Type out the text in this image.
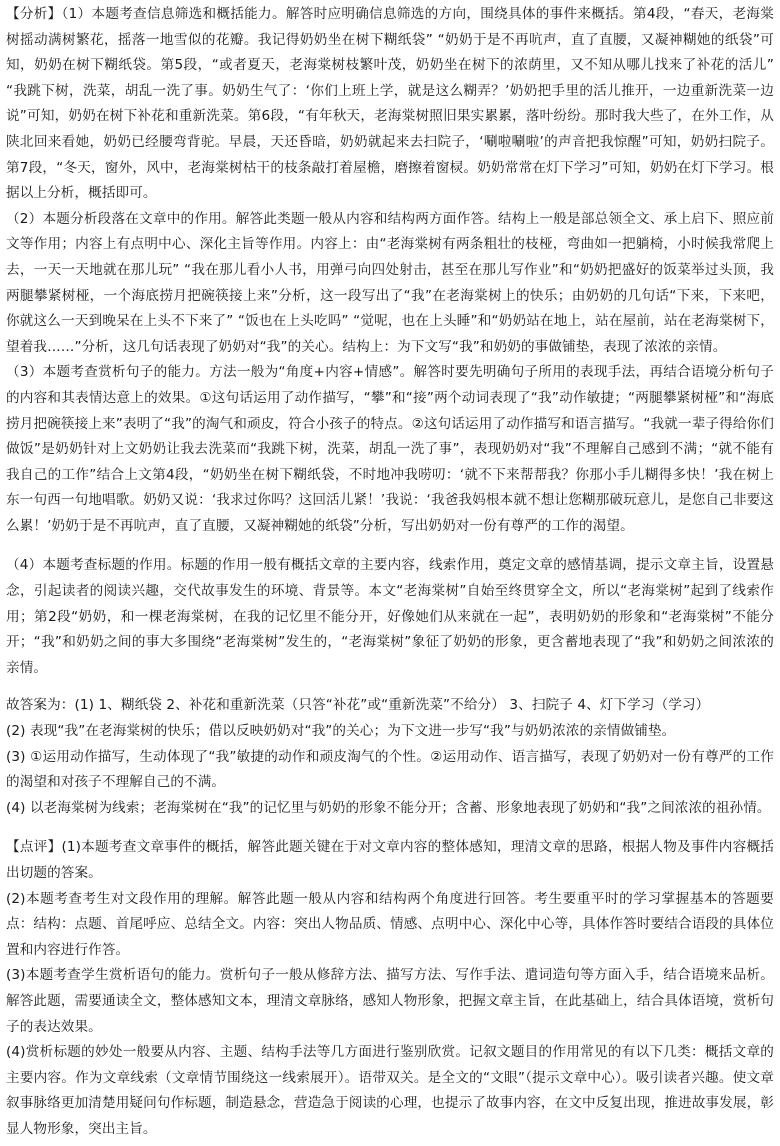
【分析】（1）本题考查信息筛选和概括能力。解答时应明确信息筛选的方向，围绕具体的事件来概括。第4段，“春天，老海棠树摇动满树繁花，摇落一地雪似的花瓣。我记得奶奶坐在树下糊纸袋” “奶奶于是不再吭声，直了直腰，又凝神糊她的纸袋”可知，奶奶在树下糊纸袋。第5段，“或者夏天，老海棠树枝繁叶茂，奶奶坐在树下的浓荫里，又不知从哪儿找来了补花的活儿” “我跳下树，洗菜，胡乱一洗了事。奶奶生气了：‘你们上班上学，就是这么糊弄？’奶奶把手里的活儿推开，一边重新洗菜一边说”可知，奶奶在树下补花和重新洗菜。第6段，“有年秋天，老海棠树照旧果实累累，落叶纷纷。那时我大些了，在外工作，从陕北回来看她，奶奶已经腰弯背驼。早晨，天还昏暗，奶奶就起来去扫院子，‘唰啦唰啦’的声音把我惊醒”可知，奶奶扫院子。第7段，“冬天，窗外，风中，老海棠树枯干的枝条敲打着屋檐，磨擦着窗棂。奶奶常常在灯下学习”可知，奶奶在灯下学习。根据以上分析，概括即可。

（2）本题分析段落在文章中的作用。解答此类题一般从内容和结构两方面作答。结构上一般是部总领全文、承上启下、照应前文等作用；内容上有点明中心、深化主旨等作用。内容上：由“老海棠树有两条粗壮的枝桠，弯曲如一把躺椅，小时候我常爬上去，一天一天地就在那儿玩” “我在那儿看小人书，用弹弓向四处射击，甚至在那儿写作业”和“奶奶把盛好的饭菜举过头顶，我两腿攀紧树桠，一个海底捞月把碗筷接上来”分析，这一段写出了“我”在老海棠树上的快乐；由奶奶的几句话“下来，下来吧，你就这么一天到晚呆在上头不下来了” “饭也在上头吃吗” “觉呢，也在上头睡”和“奶奶站在地上，站在屋前，站在老海棠树下，望着我……”分析，这几句话表现了奶奶对“我”的关心。结构上：为下文写“我”和奶奶的事做铺垫，表现了浓浓的亲情。

（3）本题考查赏析句子的能力。方法一般为“角度+内容+情感”。解答时要先明确句子所用的表现手法，再结合语境分析句子的内容和其表情达意上的效果。①这句话运用了动作描写，“攀”和“接”两个动词表现了“我”动作敏捷；“两腿攀紧树桠”和“海底捞月把碗筷接上来”表明了“我”的淘气和顽皮，符合小孩子的特点。②这句话运用了动作描写和语言描写。“我就一辈子得给你们做饭”是奶奶针对上文奶奶让我去洗菜而“我跳下树，洗菜，胡乱一洗了事”，表现奶奶对“我”不理解自己感到不满；“就不能有我自己的工作”结合上文第4段，“奶奶坐在树下糊纸袋，不时地冲我唠叨：‘就不下来帮帮我？你那小手儿糊得多快！’我在树上东一句西一句地唱歌。奶奶又说：‘我求过你吗？这回活儿紧！’我说：‘我爸我妈根本就不想让您糊那破玩意儿，是您自己非要这么累！’奶奶于是不再吭声，直了直腰，又凝神糊她的纸袋”分析，写出奶奶对一份有尊严的工作的渴望。

（4）本题考查标题的作用。标题的作用一般有概括文章的主要内容，线索作用，奠定文章的感情基调，提示文章主旨，设置悬念，引起读者的阅读兴趣，交代故事发生的环境、背景等。本文“老海棠树”自始至终贯穿全文，所以“老海棠树”起到了线索作用；第2段“奶奶，和一棵老海棠树，在我的记忆里不能分开，好像她们从来就在一起”，表明奶奶的形象和“老海棠树”不能分开；“我”和奶奶之间的事大多围绕“老海棠树”发生的，“老海棠树”象征了奶奶的形象，更含蓄地表现了“我”和奶奶之间浓浓的亲情。

故答案为：(1) 1、糊纸袋 2、补花和重新洗菜（只答“补花”或“重新洗菜”不给分） 3、扫院子 4、灯下学习（学习）

(2) 表现“我”在老海棠树的快乐；借以反映奶奶对“我”的关心；为下文进一步写“我”与奶奶浓浓的亲情做铺垫。

(3) ①运用动作描写，生动体现了“我”敏捷的动作和顽皮淘气的个性。②运用动作、语言描写，表现了奶奶对一份有尊严的工作的渴望和对孩子不理解自己的不满。

(4) 以老海棠树为线索；老海棠树在“我”的记忆里与奶奶的形象不能分开；含蓄、形象地表现了奶奶和“我”之间浓浓的祖孙情。

【点评】(1)本题考查文章事件的概括，解答此题关键在于对文章内容的整体感知，理清文章的思路，根据人物及事件内容概括出切题的答案。

(2)本题考查考生对文段作用的理解。解答此题一般从内容和结构两个角度进行回答。考生要重平时的学习掌握基本的答题要点：结构：点题、首尾呼应、总结全文。内容：突出人物品质、情感、点明中心、深化中心等，具体作答时要结合语段的具体位置和内容进行作答。

(3)本题考查学生赏析语句的能力。赏析句子一般从修辞方法、描写方法、写作手法、遣词造句等方面入手，结合语境来品析。解答此题，需要通读全文，整体感知文本，理清文章脉络，感知人物形象，把握文章主旨，在此基础上，结合具体语境，赏析句子的表达效果。

(4)赏析标题的妙处一般要从内容、主题、结构手法等几方面进行鉴别欣赏。记叙文题目的作用常见的有以下几类：概括文章的主要内容。作为文章线索（文章情节围绕这一线索展开）。语带双关。是全文的“文眼”（提示文章中心）。吸引读者兴趣。使文章叙事脉络更加清楚用疑问句作标题，制造悬念，营造急于阅读的心理，也提示了故事内容，在文中反复出现，推进故事发展，彰显人物形象，突出主旨。
